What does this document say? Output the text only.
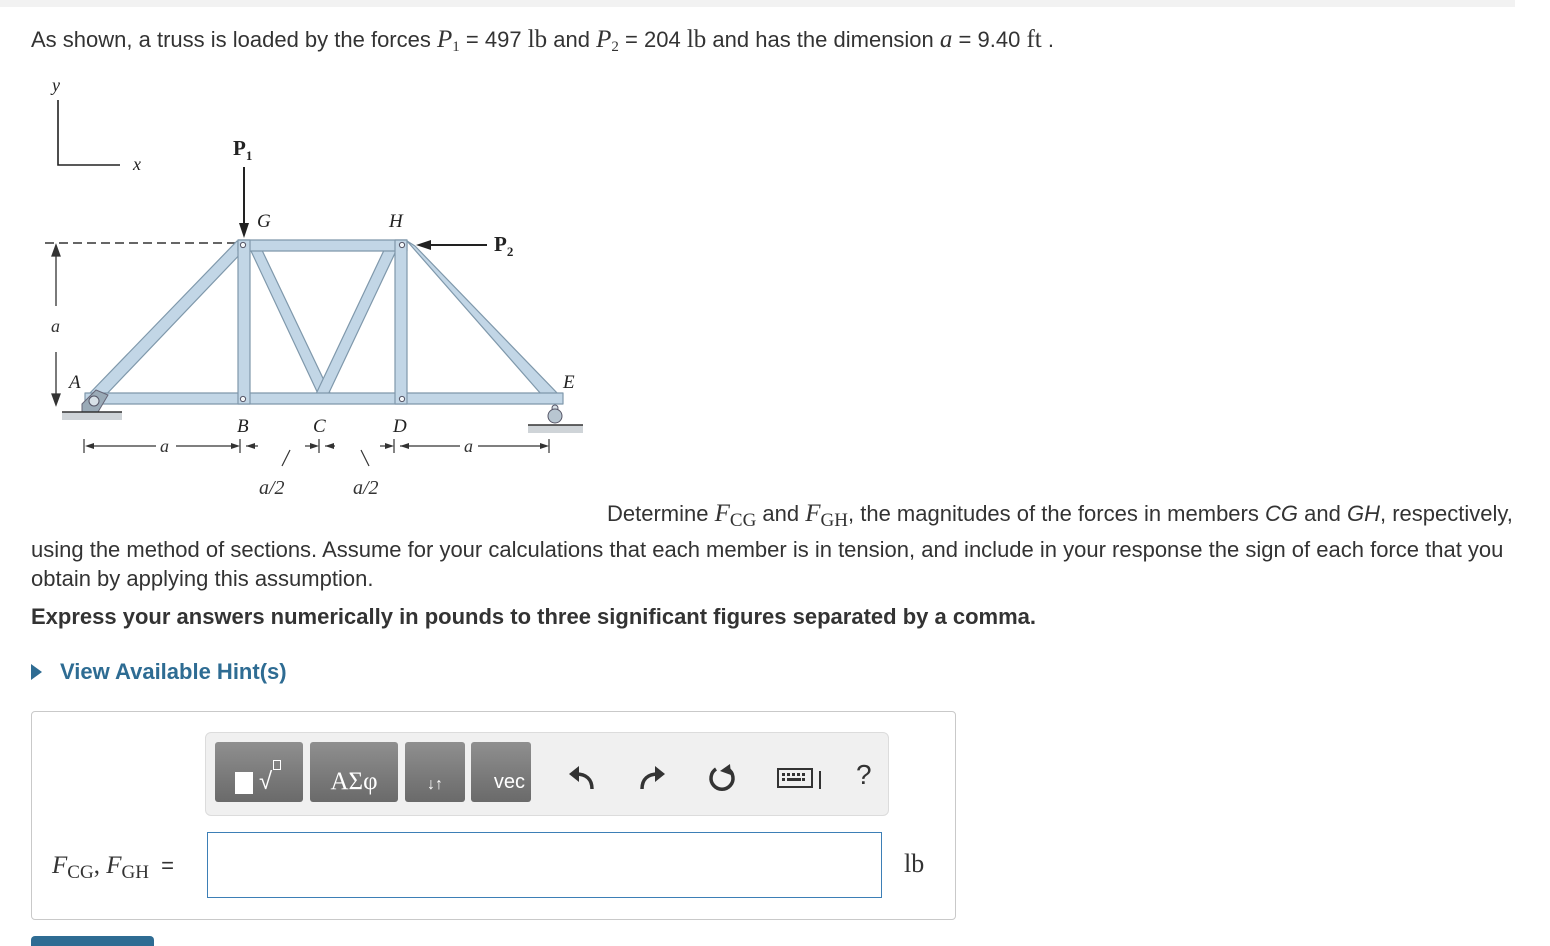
As shown, a truss is loaded by the forces $P_1 = 497$ lb and $P_2 = 204$ lb and has the dimension a = 9.40 ft .
y
x
a
$P_1$
$P_2$
G	H
A	E
B	C	D
a	a
a/2	a/2
Determine $F_{CG}$ and $F_{GH}$, the magnitudes of the forces in members CG and GH, respectively, using the method of sections. Assume for your calculations that each member is in tension, and include in your response the sign of each force that you obtain by applying this assumption.
Express your answers numerically in pounds to three significant figures separated by a comma.
View Available Hint(s)
√	ΑΣφ	↓↑	vec	?
$F_{CG}$, $F_{GH}$ =	lb
